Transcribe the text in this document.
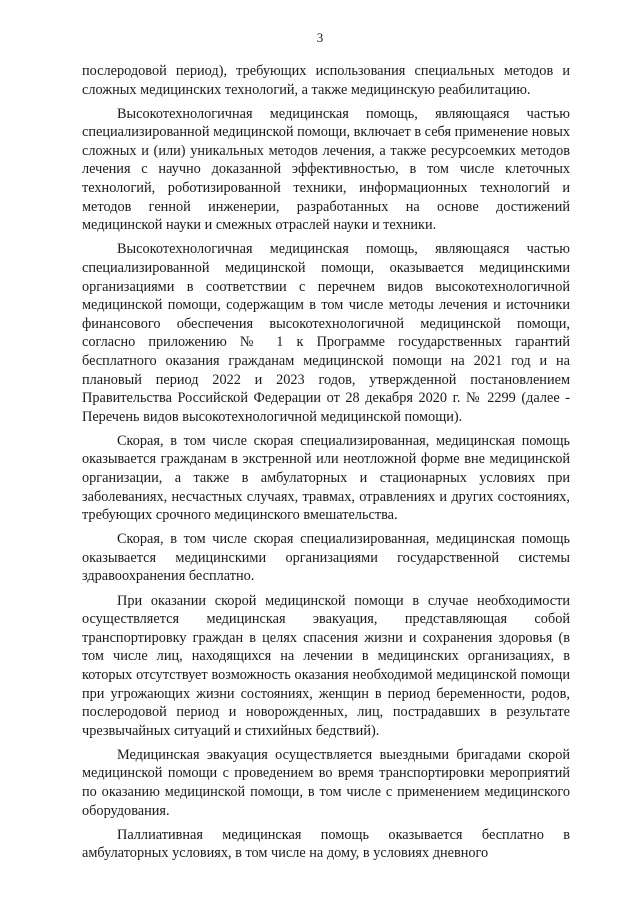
3

послеродовой период), требующих использования специальных методов и сложных медицинских технологий, а также медицинскую реабилитацию.

Высокотехнологичная медицинская помощь, являющаяся частью специализированной медицинской помощи, включает в себя применение новых сложных и (или) уникальных методов лечения, а также ресурсоемких методов лечения с научно доказанной эффективностью, в том числе клеточных технологий, роботизированной техники, информационных технологий и методов генной инженерии, разработанных на основе достижений медицинской науки и смежных отраслей науки и техники.

Высокотехнологичная медицинская помощь, являющаяся частью специализированной медицинской помощи, оказывается медицинскими организациями в соответствии с перечнем видов высокотехнологичной медицинской помощи, содержащим в том числе методы лечения и источники финансового обеспечения высокотехнологичной медицинской помощи, согласно приложению № 1 к Программе государственных гарантий бесплатного оказания гражданам медицинской помощи на 2021 год и на плановый период 2022 и 2023 годов, утвержденной постановлением Правительства Российской Федерации от 28 декабря 2020 г. № 2299 (далее - Перечень видов высокотехнологичной медицинской помощи).

Скорая, в том числе скорая специализированная, медицинская помощь оказывается гражданам в экстренной или неотложной форме вне медицинской организации, а также в амбулаторных и стационарных условиях при заболеваниях, несчастных случаях, травмах, отравлениях и других состояниях, требующих срочного медицинского вмешательства.

Скорая, в том числе скорая специализированная, медицинская помощь оказывается медицинскими организациями государственной системы здравоохранения бесплатно.

При оказании скорой медицинской помощи в случае необходимости осуществляется медицинская эвакуация, представляющая собой транспортировку граждан в целях спасения жизни и сохранения здоровья (в том числе лиц, находящихся на лечении в медицинских организациях, в которых отсутствует возможность оказания необходимой медицинской помощи при угрожающих жизни состояниях, женщин в период беременности, родов, послеродовой период и новорожденных, лиц, пострадавших в результате чрезвычайных ситуаций и стихийных бедствий).

Медицинская эвакуация осуществляется выездными бригадами скорой медицинской помощи с проведением во время транспортировки мероприятий по оказанию медицинской помощи, в том числе с применением медицинского оборудования.

Паллиативная медицинская помощь оказывается бесплатно в амбулаторных условиях, в том числе на дому, в условиях дневного
